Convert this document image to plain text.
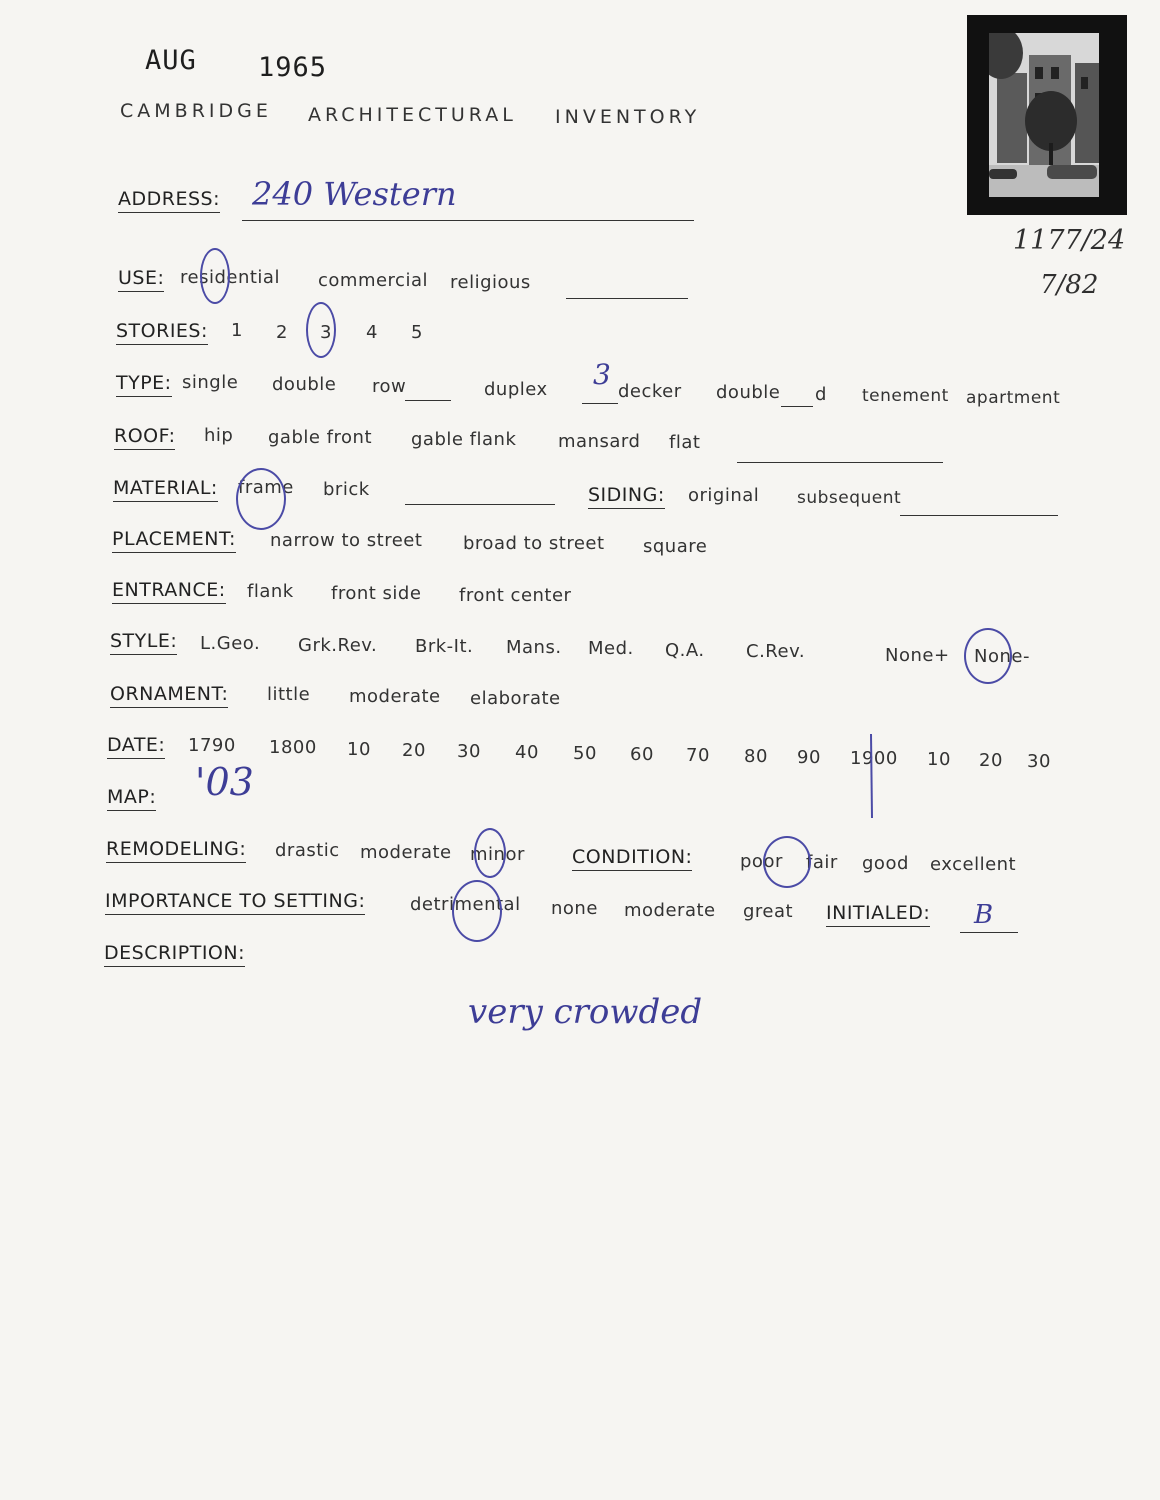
AUG 1965
CAMBRIDGE ARCHITECTURAL INVENTORY
1177/24
7/82
ADDRESS: 240 Western
USE: residential commercial religious
STORIES: 1 2 3 4 5
TYPE: single double row	duplex 3
decker double d tenement apartment
ROOF: hip gable front gable flank mansard flat
MATERIAL: frame brick	SIDING: original subsequent
PLACEMENT: narrow to street broad to street square
ENTRANCE: flank front side front center
STYLE: L.Geo. Grk.Rev. Brk-It. Mans. Med. Q.A. C.Rev.	None+ None-
ORNAMENT: little moderate elaborate
DATE: 1790 1800 10 20 30 40 50 60 70 80 90 1900 10 20 30
MAP: '03
REMODELING: drastic moderate minor CONDITION:	poor fair good excellent
IMPORTANCE TO SETTING: detrimental none moderate great INITIALED: B
DESCRIPTION:
very crowded
